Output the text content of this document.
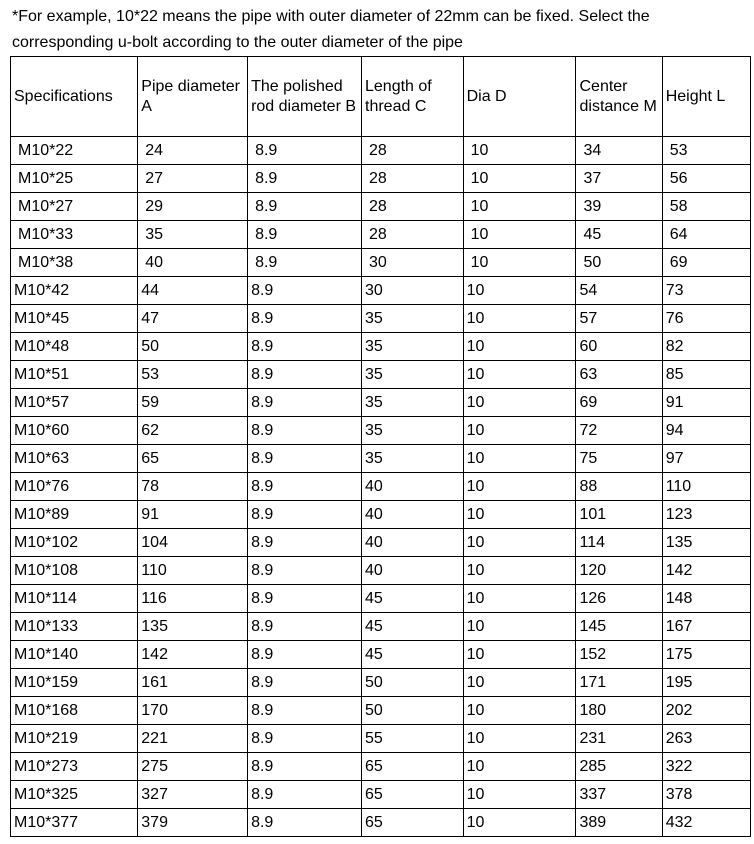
*For example, 10*22 means the pipe with outer diameter of 22mm can be fixed. Select the corresponding u-bolt according to the outer diameter of the pipe
Specifications	Pipe diameter A	The polished rod diameter B	Length of thread C	Dia D	Center distance M	Height L
M10*22	24	8.9	28	10	34	53
M10*25	27	8.9	28	10	37	56
M10*27	29	8.9	28	10	39	58
M10*33	35	8.9	28	10	45	64
M10*38	40	8.9	30	10	50	69
M10*42	44	8.9	30	10	54	73
M10*45	47	8.9	35	10	57	76
M10*48	50	8.9	35	10	60	82
M10*51	53	8.9	35	10	63	85
M10*57	59	8.9	35	10	69	91
M10*60	62	8.9	35	10	72	94
M10*63	65	8.9	35	10	75	97
M10*76	78	8.9	40	10	88	110
M10*89	91	8.9	40	10	101	123
M10*102	104	8.9	40	10	114	135
M10*108	110	8.9	40	10	120	142
M10*114	116	8.9	45	10	126	148
M10*133	135	8.9	45	10	145	167
M10*140	142	8.9	45	10	152	175
M10*159	161	8.9	50	10	171	195
M10*168	170	8.9	50	10	180	202
M10*219	221	8.9	55	10	231	263
M10*273	275	8.9	65	10	285	322
M10*325	327	8.9	65	10	337	378
M10*377	379	8.9	65	10	389	432
